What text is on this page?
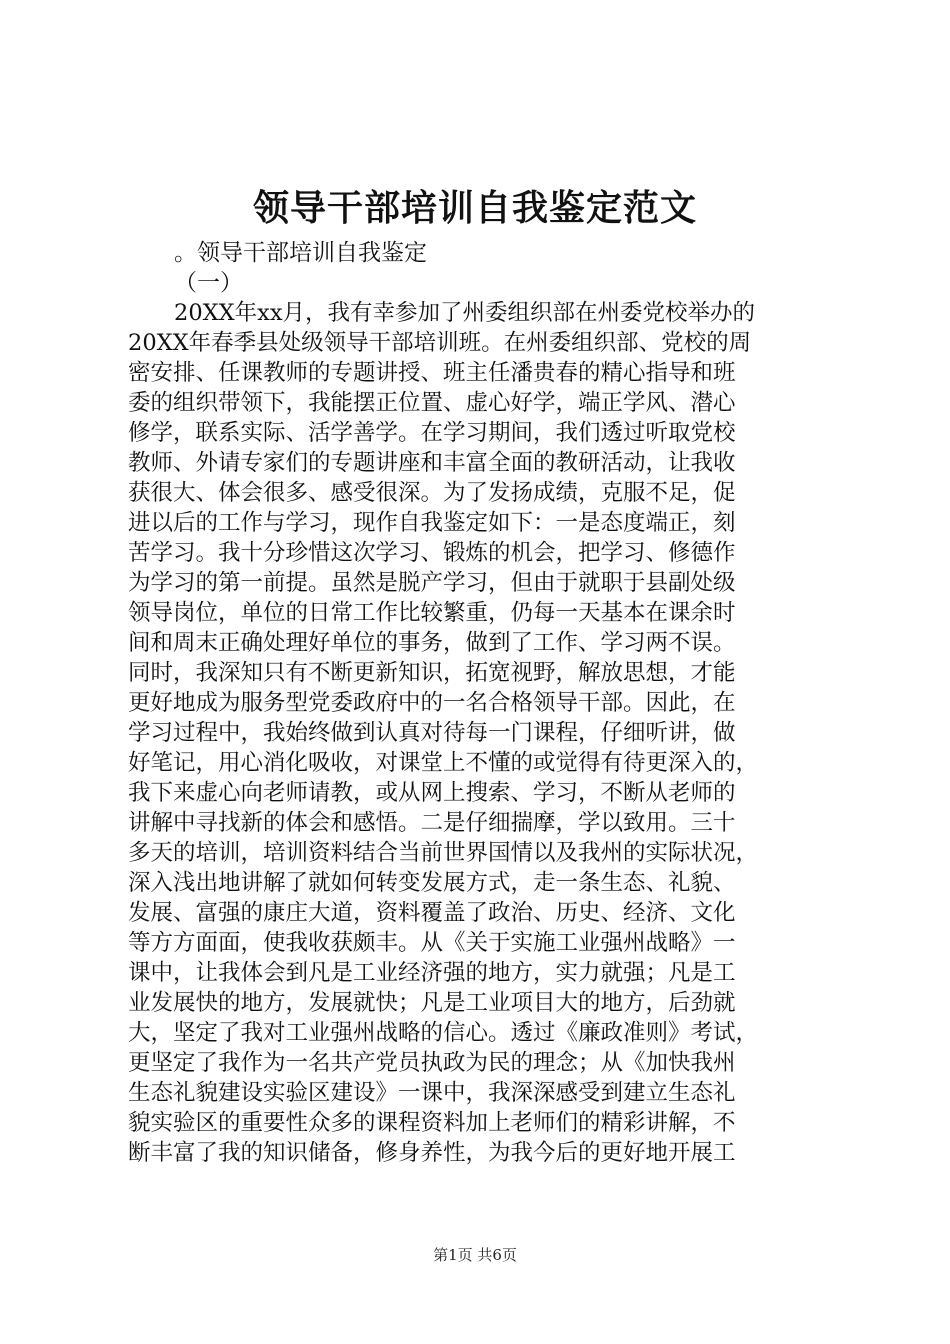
领导干部培训自我鉴定范文

。领导干部培训自我鉴定

（一）

20XX年xx月，我有幸参加了州委组织部在州委党校举办的
20XX年春季县处级领导干部培训班。在州委组织部、党校的周
密安排、任课教师的专题讲授、班主任潘贵春的精心指导和班
委的组织带领下，我能摆正位置、虚心好学，端正学风、潜心
修学，联系实际、活学善学。在学习期间，我们透过听取党校
教师、外请专家们的专题讲座和丰富全面的教研活动，让我收
获很大、体会很多、感受很深。为了发扬成绩，克服不足，促
进以后的工作与学习，现作自我鉴定如下：一是态度端正，刻
苦学习。我十分珍惜这次学习、锻炼的机会，把学习、修德作
为学习的第一前提。虽然是脱产学习，但由于就职于县副处级
领导岗位，单位的日常工作比较繁重，仍每一天基本在课余时
间和周末正确处理好单位的事务，做到了工作、学习两不误。
同时，我深知只有不断更新知识，拓宽视野，解放思想，才能
更好地成为服务型党委政府中的一名合格领导干部。因此，在
学习过程中，我始终做到认真对待每一门课程，仔细听讲，做
好笔记，用心消化吸收，对课堂上不懂的或觉得有待更深入的，
我下来虚心向老师请教，或从网上搜索、学习，不断从老师的
讲解中寻找新的体会和感悟。二是仔细揣摩，学以致用。三十
多天的培训，培训资料结合当前世界国情以及我州的实际状况，
深入浅出地讲解了就如何转变发展方式，走一条生态、礼貌、
发展、富强的康庄大道，资料覆盖了政治、历史、经济、文化
等方方面面，使我收获颇丰。从《关于实施工业强州战略》一
课中，让我体会到凡是工业经济强的地方，实力就强；凡是工
业发展快的地方，发展就快；凡是工业项目大的地方，后劲就
大，坚定了我对工业强州战略的信心。透过《廉政准则》考试，
更坚定了我作为一名共产党员执政为民的理念；从《加快我州
生态礼貌建设实验区建设》一课中，我深深感受到建立生态礼
貌实验区的重要性众多的课程资料加上老师们的精彩讲解，不
断丰富了我的知识储备，修身养性，为我今后的更好地开展工

第1页 共6页
